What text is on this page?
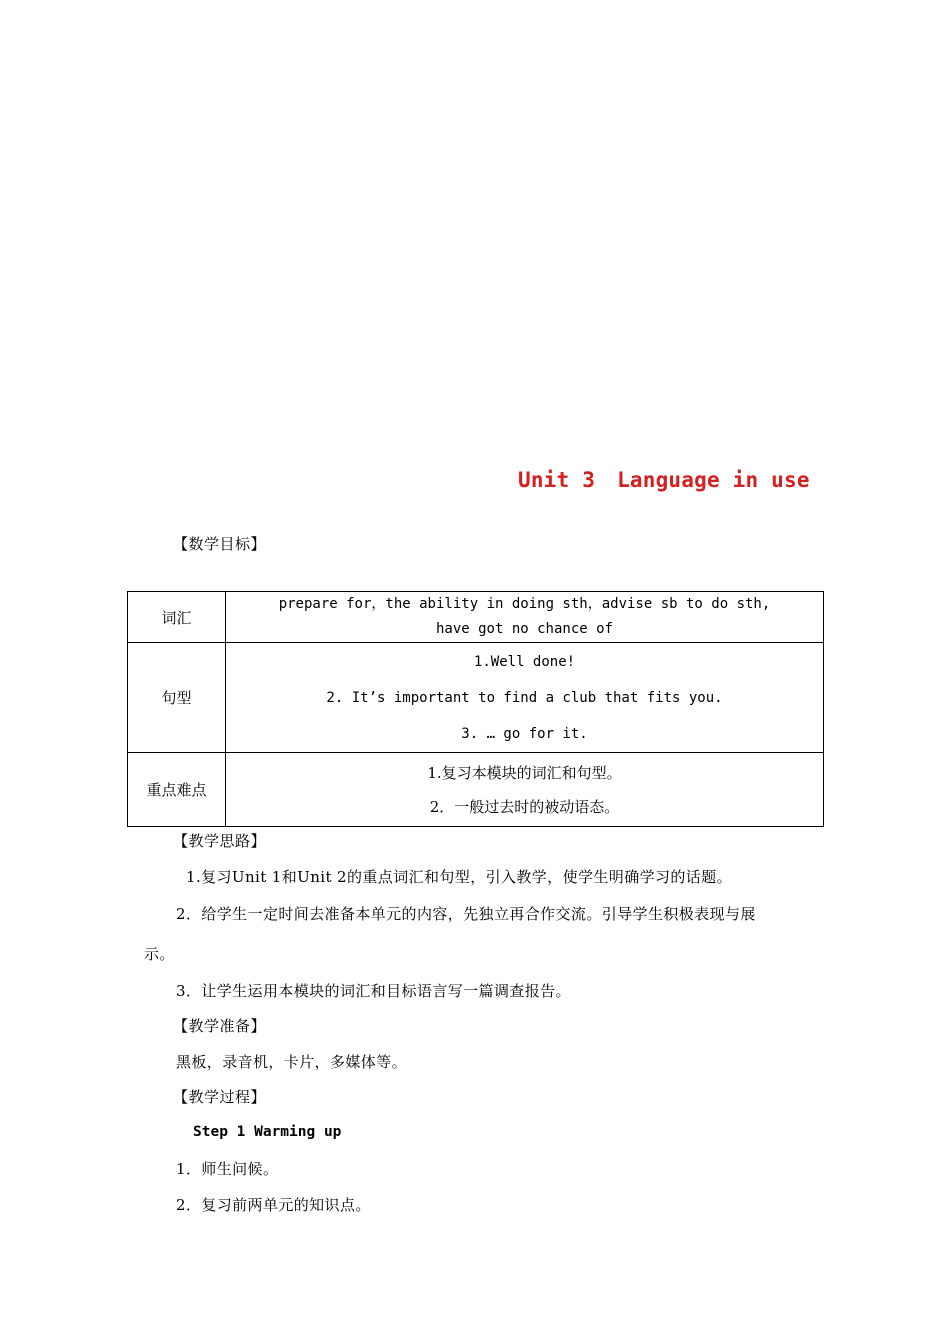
Unit 3 Language in use
【数学目标】
词汇	prepare for，the ability in doing sth，advise sb to do sth,
have got no chance of

句型	1.Well done!
2. It’s important to find a club that fits you.
3. … go for it.

重点难点	1.复习本模块的词汇和句型。
2．一般过去时的被动语态。
【教学思路】
1.复习Unit 1和Unit 2的重点词汇和句型，引入教学，使学生明确学习的话题。
2．给学生一定时间去准备本单元的内容，先独立再合作交流。引导学生积极表现与展
示。
3．让学生运用本模块的词汇和目标语言写一篇调查报告。
【教学准备】
黑板，录音机，卡片，多媒体等。
【教学过程】
Step 1 Warming up
1．师生问候。
2．复习前两单元的知识点。
